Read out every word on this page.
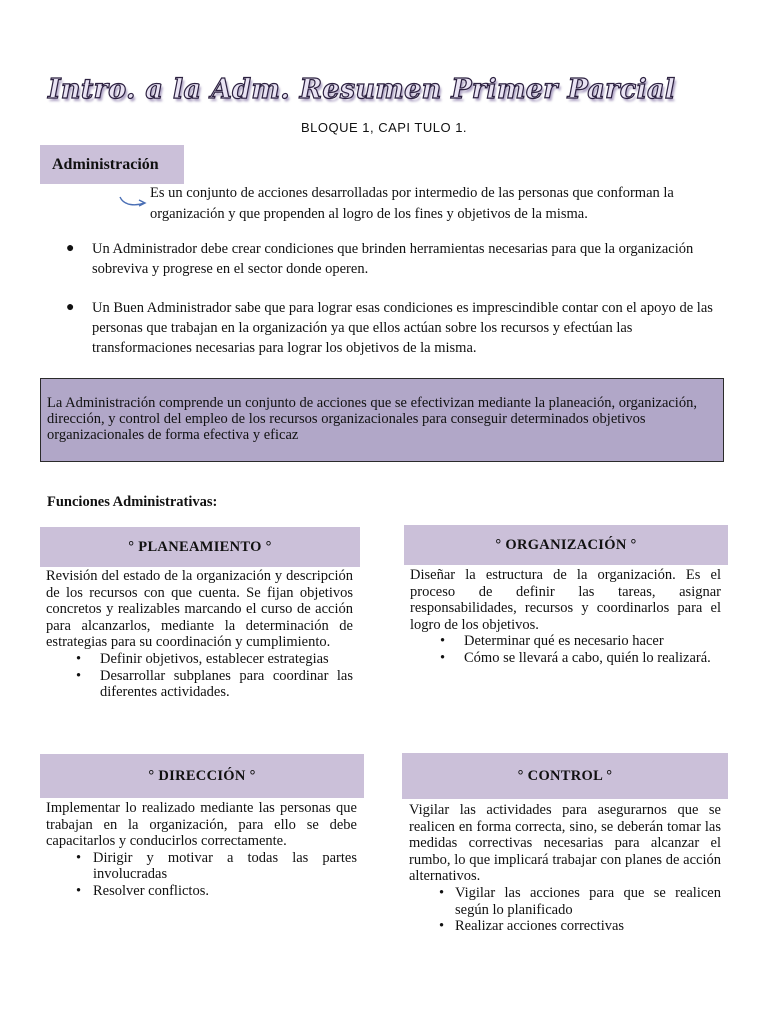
Intro. a la Adm. Resumen Primer Parcial
BLOQUE 1, CAPI TULO 1.
Administración
Es un conjunto de acciones desarrolladas por intermedio de las personas que conforman la organización y que propenden al logro de los fines y objetivos de la misma.
● Un Administrador debe crear condiciones que brinden herramientas necesarias para que la organización sobreviva y progrese en el sector donde operen.
● Un Buen Administrador sabe que para lograr esas condiciones es imprescindible contar con el apoyo de las personas que trabajan en la organización ya que ellos actúan sobre los recursos y efectúan las transformaciones necesarias para lograr los objetivos de la misma.
La Administración comprende un conjunto de acciones que se efectivizan mediante la planeación, organización, dirección, y control del empleo de los recursos organizacionales para conseguir determinados objetivos organizacionales de forma efectiva y eficaz
Funciones Administrativas:
° PLANEAMIENTO °
Revisión del estado de la organización y descripción de los recursos con que cuenta. Se fijan objetivos concretos y realizables marcando el curso de acción para alcanzarlos, mediante la determinación de estrategias para su coordinación y cumplimiento.
• Definir objetivos, establecer estrategias
• Desarrollar subplanes para coordinar las diferentes actividades.
° ORGANIZACIÓN °
Diseñar la estructura de la organización. Es el proceso de definir las tareas, asignar responsabilidades, recursos y coordinarlos para el logro de los objetivos.
• Determinar qué es necesario hacer
• Cómo se llevará a cabo, quién lo realizará.
° DIRECCIÓN °
Implementar lo realizado mediante las personas que trabajan en la organización, para ello se debe capacitarlos y conducirlos correctamente.
• Dirigir y motivar a todas las partes involucradas
• Resolver conflictos.
° CONTROL °
Vigilar las actividades para asegurarnos que se realicen en forma correcta, sino, se deberán tomar las medidas correctivas necesarias para alcanzar el rumbo, lo que implicará trabajar con planes de acción alternativos.
• Vigilar las acciones para que se realicen según lo planificado
• Realizar acciones correctivas
